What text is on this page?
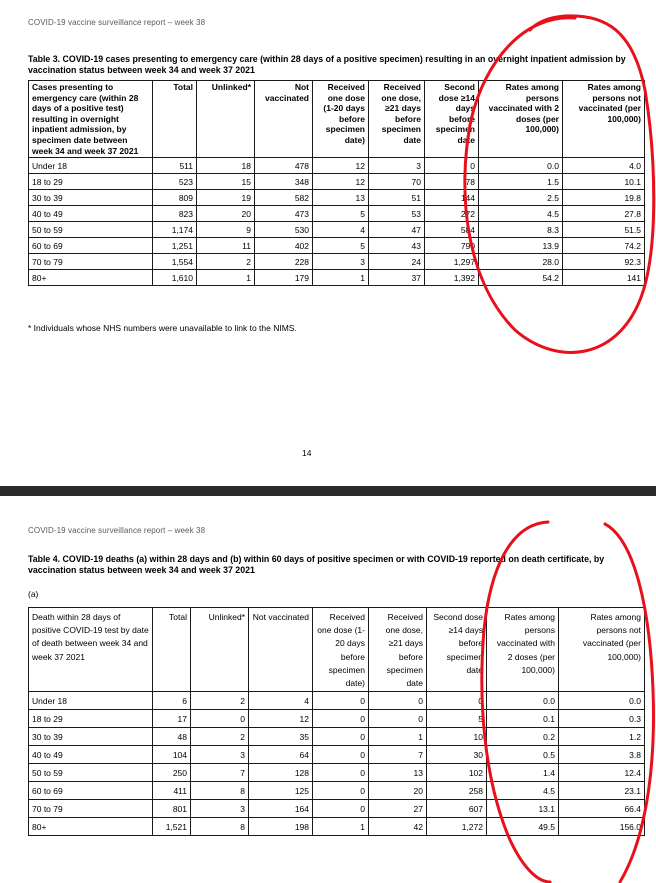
COVID-19 vaccine surveillance report – week 38
Table 3. COVID-19 cases presenting to emergency care (within 28 days of a positive specimen) resulting in an overnight inpatient admission by vaccination status between week 34 and week 37 2021
Cases presenting to emergency care (within 28 days of a positive test) resulting in overnight inpatient admission, by specimen date between week 34 and week 37 2021	Total	Unlinked*	Not vaccinated	Received one dose (1-20 days before specimen date)	Received one dose, ≥21 days before specimen date	Second dose ≥14 days before specimen date	Rates among persons vaccinated with 2 doses (per 100,000)	Rates among persons not vaccinated (per 100,000)
Under 18	511	18	478	12	3	0	0.0	4.0
18 to 29	523	15	348	12	70	78	1.5	10.1
30 to 39	809	19	582	13	51	144	2.5	19.8
40 to 49	823	20	473	5	53	272	4.5	27.8
50 to 59	1,174	9	530	4	47	584	8.3	51.5
60 to 69	1,251	11	402	5	43	790	13.9	74.2
70 to 79	1,554	2	228	3	24	1,297	28.0	92.3
80+	1,610	1	179	1	37	1,392	54.2	141
* Individuals whose NHS numbers were unavailable to link to the NIMS.
14
COVID-19 vaccine surveillance report – week 38
Table 4. COVID-19 deaths (a) within 28 days and (b) within 60 days of positive specimen or with COVID-19 reported on death certificate, by vaccination status between week 34 and week 37 2021
(a)
Death within 28 days of positive COVID-19 test by date of death between week 34 and week 37 2021	Total	Unlinked*	Not vaccinated	Received one dose (1-20 days before specimen date)	Received one dose, ≥21 days before specimen date	Second dose ≥14 days before specimen date	Rates among persons vaccinated with 2 doses (per 100,000)	Rates among persons not vaccinated (per 100,000)
Under 18	6	2	4	0	0	0	0.0	0.0
18 to 29	17	0	12	0	0	5	0.1	0.3
30 to 39	48	2	35	0	1	10	0.2	1.2
40 to 49	104	3	64	0	7	30	0.5	3.8
50 to 59	250	7	128	0	13	102	1.4	12.4
60 to 69	411	8	125	0	20	258	4.5	23.1
70 to 79	801	3	164	0	27	607	13.1	66.4
80+	1,521	8	198	1	42	1,272	49.5	156.0
